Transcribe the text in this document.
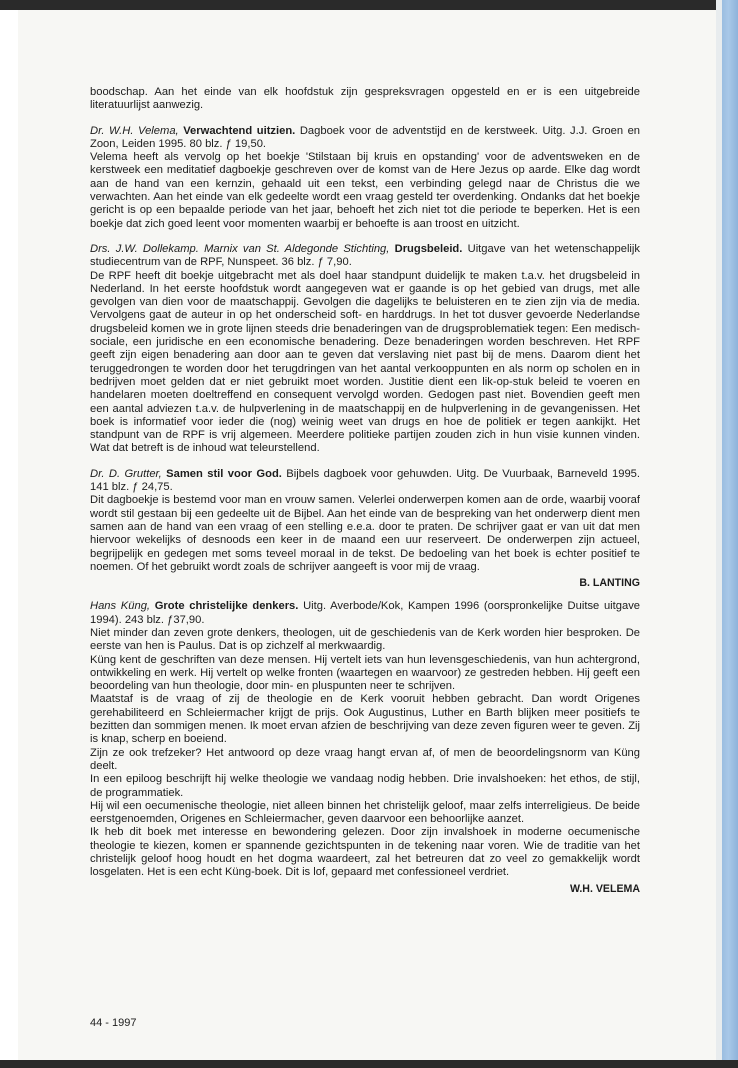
boodschap. Aan het einde van elk hoofdstuk zijn gespreksvragen opgesteld en er is een uitgebreide literatuurlijst aanwezig.

Dr. W.H. Velema, Verwachtend uitzien. Dagboek voor de adventstijd en de kerstweek. Uitg. J.J. Groen en Zoon, Leiden 1995. 80 blz. ƒ 19,50.

Velema heeft als vervolg op het boekje 'Stilstaan bij kruis en opstanding' voor de adventsweken en de kerstweek een meditatief dagboekje geschreven over de komst van de Here Jezus op aarde. Elke dag wordt aan de hand van een kernzin, gehaald uit een tekst, een verbinding gelegd naar de Christus die we verwachten. Aan het einde van elk gedeelte wordt een vraag gesteld ter overdenking. Ondanks dat het boekje gericht is op een bepaalde periode van het jaar, behoeft het zich niet tot die periode te beperken. Het is een boekje dat zich goed leent voor momenten waarbij er behoefte is aan troost en uitzicht.

Drs. J.W. Dollekamp. Marnix van St. Aldegonde Stichting, Drugsbeleid. Uitgave van het wetenschappelijk studiecentrum van de RPF, Nunspeet. 36 blz. ƒ 7,90.

De RPF heeft dit boekje uitgebracht met als doel haar standpunt duidelijk te maken t.a.v. het drugsbeleid in Nederland. In het eerste hoofdstuk wordt aangegeven wat er gaande is op het gebied van drugs, met alle gevolgen van dien voor de maatschappij. Gevolgen die dagelijks te beluisteren en te zien zijn via de media. Vervolgens gaat de auteur in op het onderscheid soft- en harddrugs. In het tot dusver gevoerde Nederlandse drugsbeleid komen we in grote lijnen steeds drie benaderingen van de drugsproblematiek tegen: Een medisch-sociale, een juridische en een economische benadering. Deze benaderingen worden beschreven. Het RPF geeft zijn eigen benadering aan door aan te geven dat verslaving niet past bij de mens. Daarom dient het teruggedrongen te worden door het terugdringen van het aantal verkooppunten en als norm op scholen en in bedrijven moet gelden dat er niet gebruikt moet worden. Justitie dient een lik-op-stuk beleid te voeren en handelaren moeten doeltreffend en consequent vervolgd worden. Gedogen past niet. Bovendien geeft men een aantal adviezen t.a.v. de hulpverlening in de maatschappij en de hulpverlening in de gevangenissen. Het boek is informatief voor ieder die (nog) weinig weet van drugs en hoe de politiek er tegen aankijkt. Het standpunt van de RPF is vrij algemeen. Meerdere politieke partijen zouden zich in hun visie kunnen vinden. Wat dat betreft is de inhoud wat teleurstellend.

Dr. D. Grutter, Samen stil voor God. Bijbels dagboek voor gehuwden. Uitg. De Vuurbaak, Barneveld 1995. 141 blz. ƒ 24,75.

Dit dagboekje is bestemd voor man en vrouw samen. Velerlei onderwerpen komen aan de orde, waarbij vooraf wordt stil gestaan bij een gedeelte uit de Bijbel. Aan het einde van de bespreking van het onderwerp dient men samen aan de hand van een vraag of een stelling e.e.a. door te praten. De schrijver gaat er van uit dat men hiervoor wekelijks of desnoods een keer in de maand een uur reserveert. De onderwerpen zijn actueel, begrijpelijk en gedegen met soms teveel moraal in de tekst. De bedoeling van het boek is echter positief te noemen. Of het gebruikt wordt zoals de schrijver aangeeft is voor mij de vraag.

B. LANTING

Hans Küng, Grote christelijke denkers. Uitg. Averbode/Kok, Kampen 1996 (oorspronkelijke Duitse uitgave 1994). 243 blz. ƒ37,90.

Niet minder dan zeven grote denkers, theologen, uit de geschiedenis van de Kerk worden hier besproken. De eerste van hen is Paulus. Dat is op zichzelf al merkwaardig.

Küng kent de geschriften van deze mensen. Hij vertelt iets van hun levensgeschiedenis, van hun achtergrond, ontwikkeling en werk. Hij vertelt op welke fronten (waartegen en waarvoor) ze gestreden hebben. Hij geeft een beoordeling van hun theologie, door min- en pluspunten neer te schrijven.

Maatstaf is de vraag of zij de theologie en de Kerk vooruit hebben gebracht. Dan wordt Origenes gerehabiliteerd en Schleiermacher krijgt de prijs. Ook Augustinus, Luther en Barth blijken meer positiefs te bezitten dan sommigen menen. Ik moet ervan afzien de beschrijving van deze zeven figuren weer te geven. Zij is knap, scherp en boeiend.

Zijn ze ook trefzeker? Het antwoord op deze vraag hangt ervan af, of men de beoordelingsnorm van Küng deelt.

In een epiloog beschrijft hij welke theologie we vandaag nodig hebben. Drie invalshoeken: het ethos, de stijl, de programmatiek.

Hij wil een oecumenische theologie, niet alleen binnen het christelijk geloof, maar zelfs interreligieus. De beide eerstgenoemden, Origenes en Schleiermacher, geven daarvoor een behoorlijke aanzet.

Ik heb dit boek met interesse en bewondering gelezen. Door zijn invalshoek in moderne oecumenische theologie te kiezen, komen er spannende gezichtspunten in de tekening naar voren. Wie de traditie van het christelijk geloof hoog houdt en het dogma waardeert, zal het betreuren dat zo veel zo gemakkelijk wordt losgelaten. Het is een echt Küng-boek. Dit is lof, gepaard met confessioneel verdriet.

W.H. VELEMA
44 - 1997
